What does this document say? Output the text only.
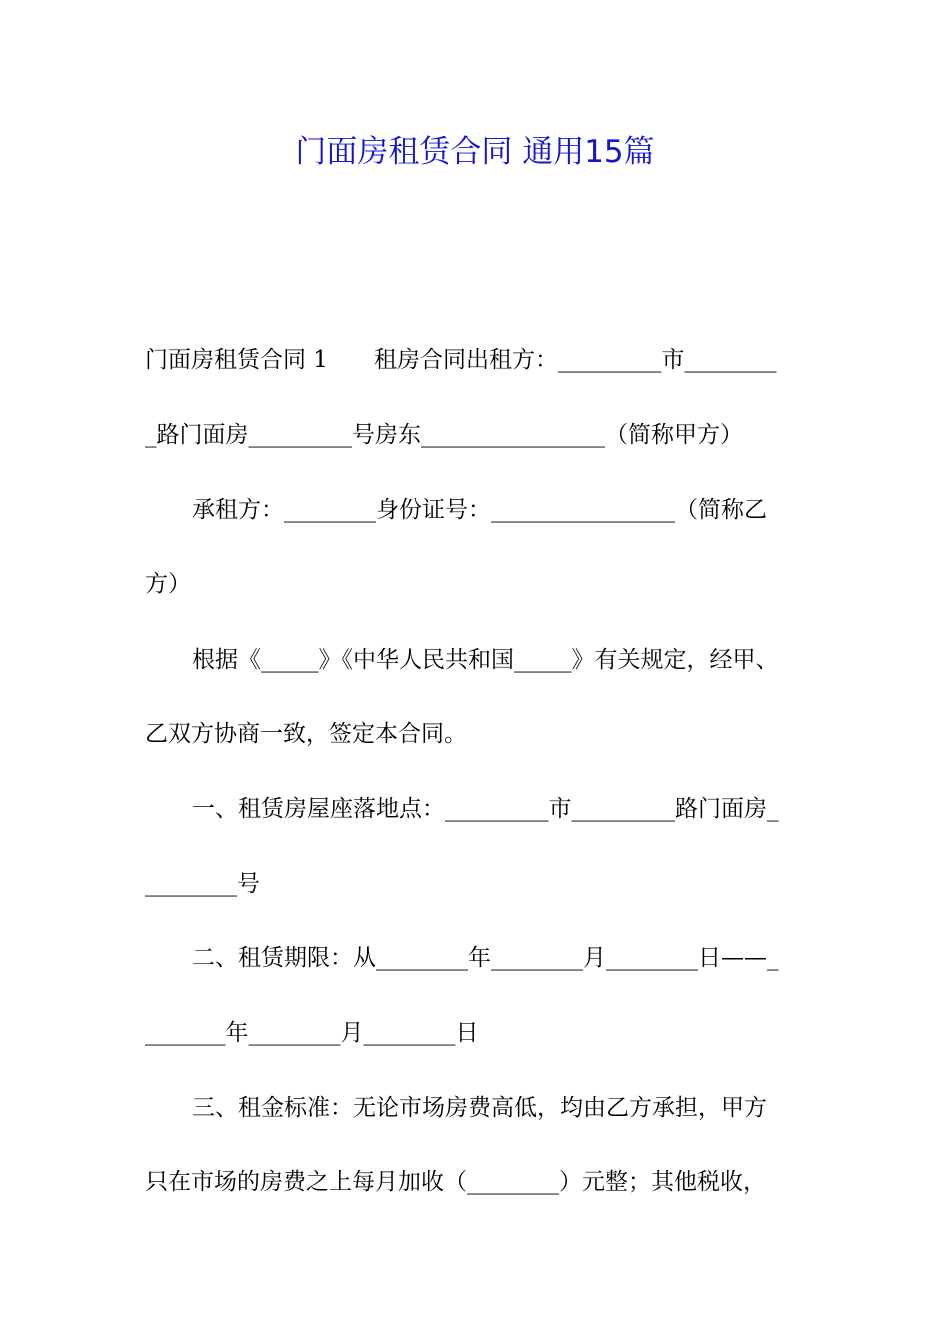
门面房租赁合同 通用15篇

门面房租赁合同 1　　租房合同出租方：_________市________

_路门面房_________号房东________________（简称甲方）

承租方：________身份证号：________________（简称乙

方）

根据《_____》《中华人民共和国_____》有关规定，经甲、

乙双方协商一致，签定本合同。

一、租赁房屋座落地点：_________市_________路门面房_

________号

二、租赁期限：从________年________月________日——_

_______年________月________日

三、租金标准：无论市场房费高低，均由乙方承担，甲方

只在市场的房费之上每月加收（________）元整；其他税收，
